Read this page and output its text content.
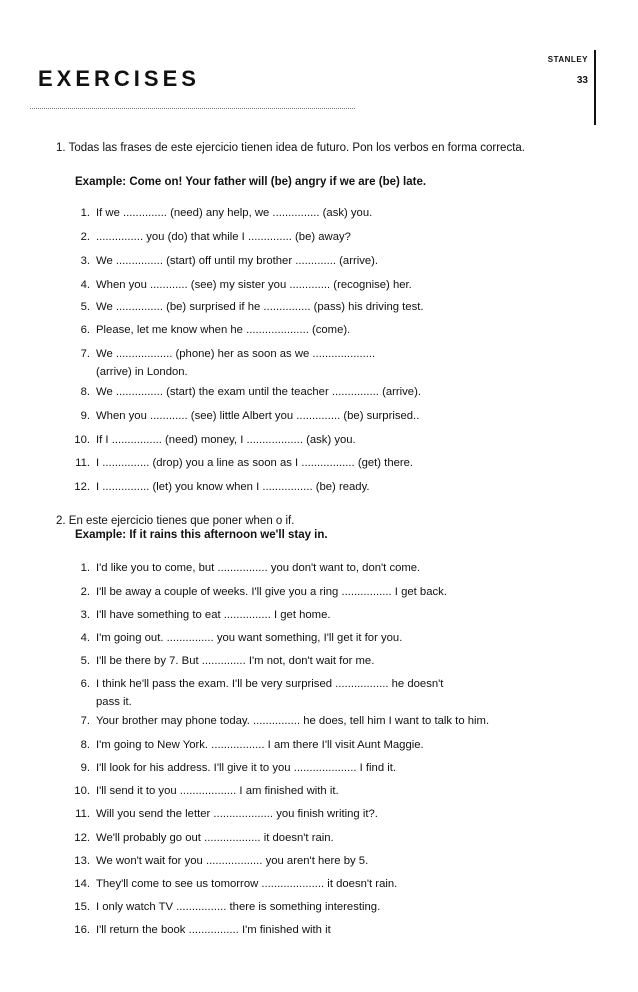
STANLEY
33
EXERCISES
1. Todas las frases de este ejercicio tienen idea de futuro. Pon los verbos en forma correcta.
Example: Come on! Your father will (be) angry if we are (be) late.
1. If we .............. (need) any help, we ............... (ask) you.
2. ............... you (do) that while I .............. (be) away?
3. We ............... (start) off until my brother ............. (arrive).
4. When you ............ (see) my sister you ............. (recognise) her.
5. We ............... (be) surprised if he ............... (pass) his driving test.
6. Please, let me know when he .................... (come).
7. We .................. (phone) her as soon as we ....................
(arrive) in London.
8. We ............... (start) the exam until the teacher ............... (arrive).
9. When you ............ (see) little Albert you .............. (be) surprised..
10. If I ................ (need) money, I .................. (ask) you.
11. I ............... (drop) you a line as soon as I ................. (get) there.
12. I ............... (let) you know when I ................ (be) ready.
2. En este ejercicio tienes que poner when o if.
Example: If it rains this afternoon we'll stay in.
1. I'd like you to come, but ................ you don't want to, don't come.
2. I'll be away a couple of weeks. I'll give you a ring ................ I get back.
3. I'll have something to eat ............... I get home.
4. I'm going out. ............... you want something, I'll get it for you.
5. I'll be there by 7. But .............. I'm not, don't wait for me.
6. I think he'll pass the exam. I'll be very surprised ................. he doesn't
pass it.
7. Your brother may phone today. ............... he does, tell him I want to talk to him.
8. I'm going to New York. ................. I am there I'll visit Aunt Maggie.
9. I'll look for his address. I'll give it to you .................... I find it.
10. I'll send it to you .................. I am finished with it.
11. Will you send the letter ................... you finish writing it?.
12. We'll probably go out .................. it doesn't rain.
13. We won't wait for you .................. you aren't here by 5.
14. They'll come to see us tomorrow .................... it doesn't rain.
15. I only watch TV ................ there is something interesting.
16. I'll return the book ................ I'm finished with it
